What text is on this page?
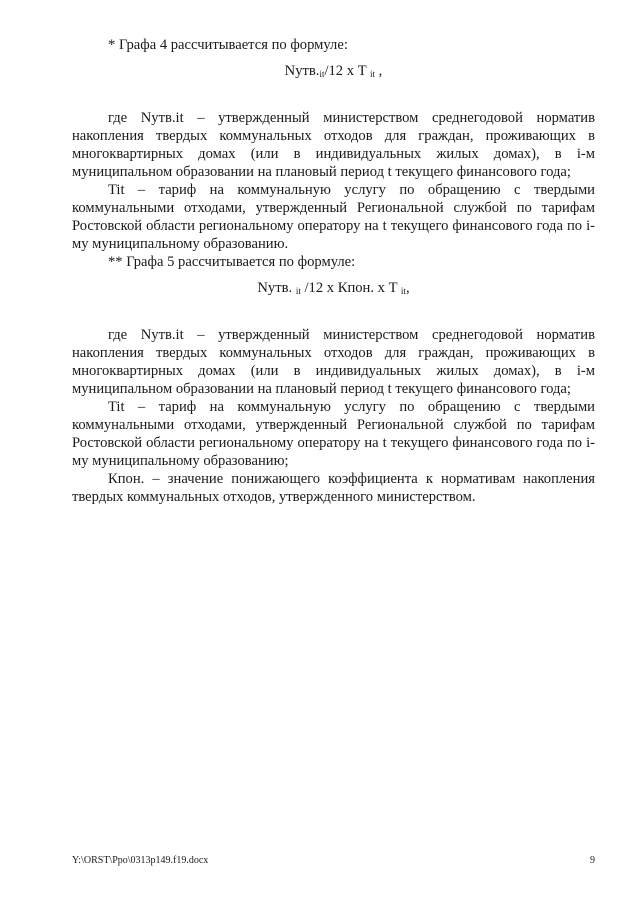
* Графа 4 рассчитывается по формуле:

$Nутв._{it}/12$ х T $_{it}$ ,

где Nутв.it – утвержденный министерством среднегодовой норматив накопления твердых коммунальных отходов для граждан, проживающих в многоквартирных домах (или в индивидуальных жилых домах), в i-м муниципальном образовании на плановый период t текущего финансового года;

Tit – тариф на коммунальную услугу по обращению с твердыми коммунальными отходами, утвержденный Региональной службой по тарифам Ростовской области региональному оператору на t текущего финансового года по i-му муниципальному образованию.

** Графа 5 рассчитывается по формуле:

Nутв. $_{it}$ /12 х Кпон. х T $_{it}$,

где Nутв.it – утвержденный министерством среднегодовой норматив накопления твердых коммунальных отходов для граждан, проживающих в многоквартирных домах (или в индивидуальных жилых домах), в i-м муниципальном образовании на плановый период t текущего финансового года;

Tit – тариф на коммунальную услугу по обращению с твердыми коммунальными отходами, утвержденный Региональной службой по тарифам Ростовской области региональному оператору на t текущего финансового года по i-му муниципальному образованию;

Кпон. – значение понижающего коэффициента к нормативам накопления твердых коммунальных отходов, утвержденного министерством.

Y:\ORST\Ppo\0313p149.f19.docx	9
